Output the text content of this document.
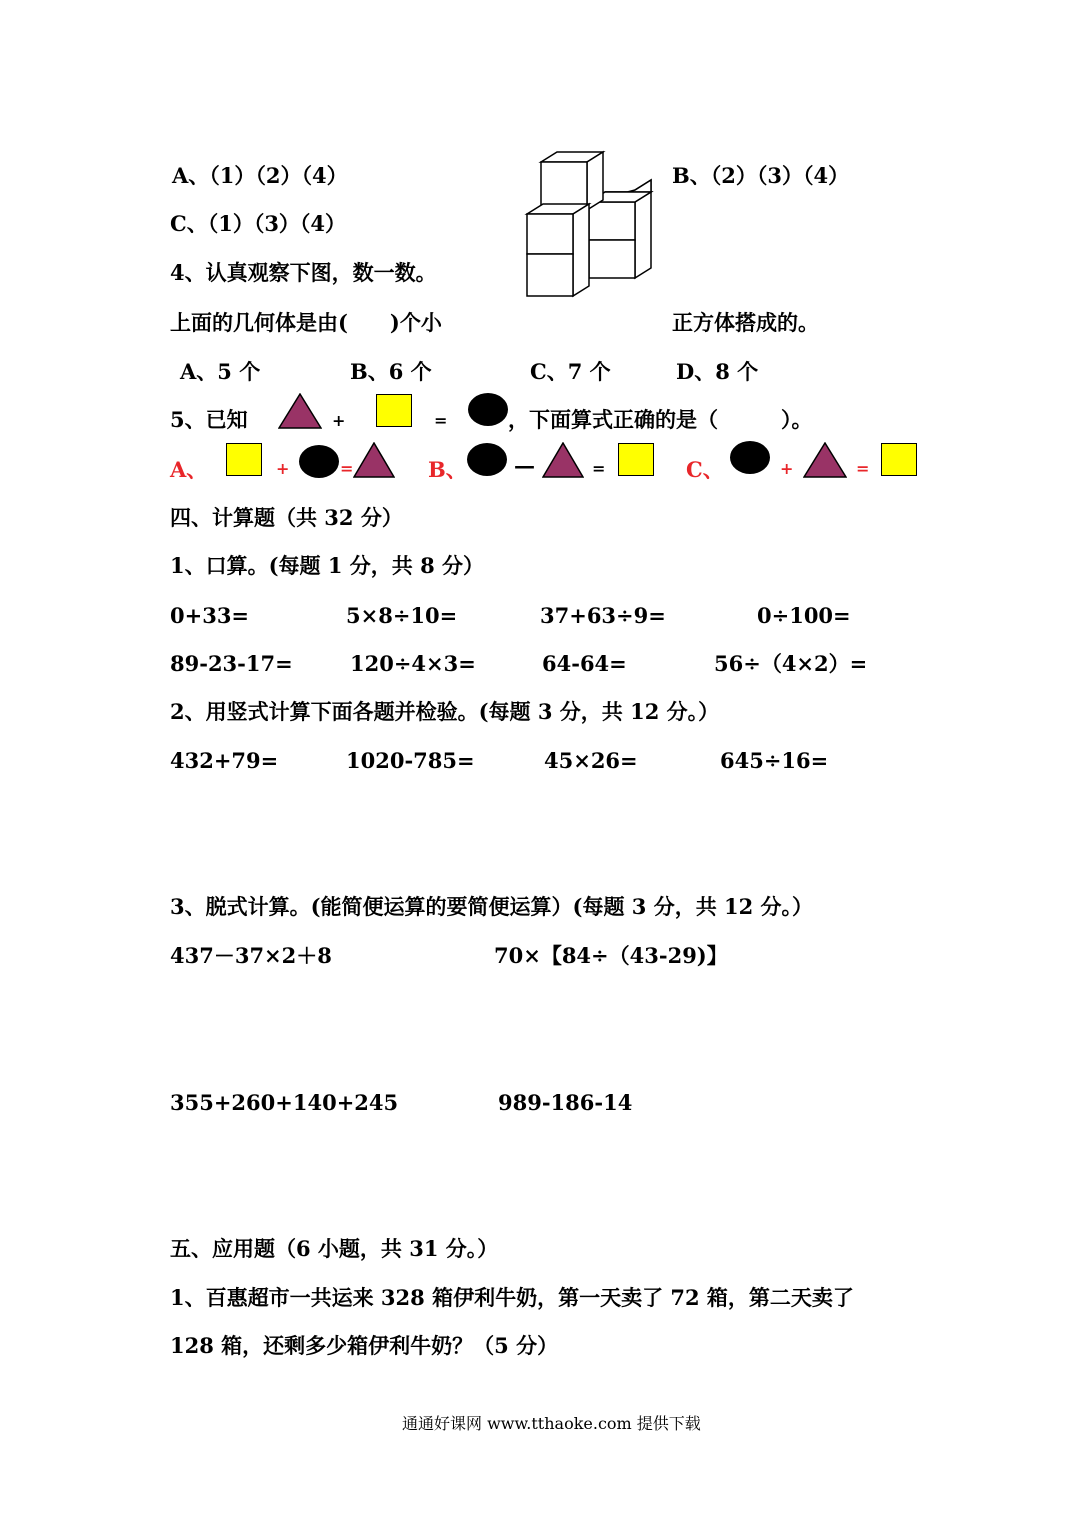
A、（1）（2）（4）	B、（2）（3）（4）
C、（1）（3）（4）
4、认真观察下图，数一数。
上面的几何体是由(　　)个小	正方体搭成的。
A、5 个	B、6 个	C、7 个	D、8 个
5、已知	+	=	，下面算式正确的是（　　　）。
A、	+	=	B、 —	=	C、	+	=
四、计算题（共 32 分）
1、口算。(每题 1 分，共 8 分）
0+33=	5×8÷10=	37+63÷9=	0÷100=
89-23-17=	120÷4×3=	64-64=	56÷（4×2）=
2、用竖式计算下面各题并检验。(每题 3 分，共 12 分。）
432+79=	1020-785=	45×26=	645÷16=
3、脱式计算。(能简便运算的要简便运算）(每题 3 分，共 12 分。）
437－37×2＋8	70×【84÷（43-29)】
355+260+140+245	989-186-14
五、应用题（6 小题，共 31 分。）
1、百惠超市一共运来 328 箱伊利牛奶，第一天卖了 72 箱，第二天卖了
128 箱，还剩多少箱伊利牛奶？（5 分）
通通好课网 www.tthaoke.com 提供下载
